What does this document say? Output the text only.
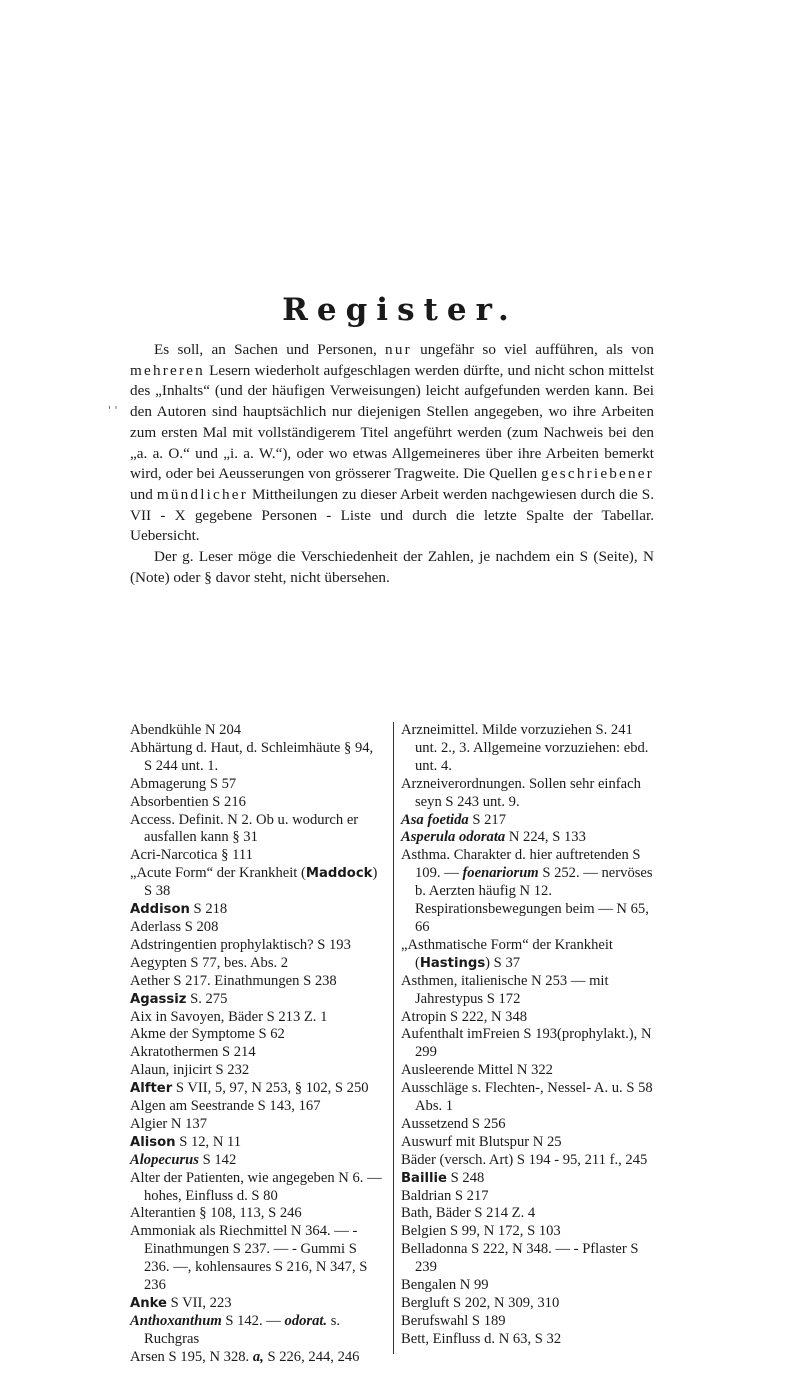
' '
Register.

Es soll, an Sachen und Personen, nur ungefähr so viel aufführen, als von mehreren Lesern wiederholt aufgeschlagen werden dürfte, und nicht schon mittelst des „Inhalts“ (und der häufigen Verweisungen) leicht aufgefunden werden kann. Bei den Autoren sind hauptsächlich nur diejenigen Stellen angegeben, wo ihre Arbeiten zum ersten Mal mit vollständigerem Titel angeführt werden (zum Nachweis bei den „a. a. O.“ und „i. a. W.“), oder wo etwas Allgemeineres über ihre Arbeiten bemerkt wird, oder bei Aeusserungen von grösserer Tragweite. Die Quellen geschriebener und mündlicher Mittheilungen zu dieser Arbeit werden nachgewiesen durch die S. VII - X gegebene Personen - Liste und durch die letzte Spalte der Tabellar. Uebersicht.

Der g. Leser möge die Verschiedenheit der Zahlen, je nachdem ein S (Seite), N (Note) oder § davor steht, nicht übersehen.

Abendkühle N 204

Abhärtung d. Haut, d. Schleimhäute § 94, S 244 unt. 1.

Abmagerung S 57

Absorbentien S 216

Access. Definit. N 2. Ob u. wodurch er ausfallen kann § 31

Acri-Narcotica § 111

„Acute Form“ der Krankheit (Maddock) S 38

Addison S 218

Aderlass S 208

Adstringentien prophylaktisch? S 193

Aegypten S 77, bes. Abs. 2

Aether S 217. Einathmungen S 238

Agassiz S. 275

Aix in Savoyen, Bäder S 213 Z. 1

Akme der Symptome S 62

Akratothermen S 214

Alaun, injicirt S 232

Alfter S VII, 5, 97, N 253, § 102, S 250

Algen am Seestrande S 143, 167

Algier N 137

Alison S 12, N 11

Alopecurus S 142

Alter der Patienten, wie angegeben N 6. — hohes, Einfluss d. S 80

Alterantien § 108, 113, S 246

Ammoniak als Riechmittel N 364. — - Einathmungen S 237. — - Gummi S 236. —, kohlensaures S 216, N 347, S 236

Anke S VII, 223

Anthoxanthum S 142. — odorat. s. Ruchgras

Arsen S 195, N 328. a, S 226, 244, 246

Arzneimittel. Milde vorzuziehen S. 241 unt. 2., 3. Allgemeine vorzuziehen: ebd. unt. 4.

Arzneiverordnungen. Sollen sehr einfach seyn S 243 unt. 9.

Asa foetida S 217

Asperula odorata N 224, S 133

Asthma. Charakter d. hier auftretenden S 109. — foenariorum S 252. — nervöses b. Aerzten häufig N 12. Respirationsbewegungen beim — N 65, 66

„Asthmatische Form“ der Krankheit (Hastings) S 37

Asthmen, italienische N 253 — mit Jahrestypus S 172

Atropin S 222, N 348

Aufenthalt imFreien S 193(prophylakt.), N 299

Ausleerende Mittel N 322

Ausschläge s. Flechten-, Nessel- A. u. S 58 Abs. 1

Aussetzend S 256

Auswurf mit Blutspur N 25

Bäder (versch. Art) S 194 - 95, 211 f., 245

Baillie S 248

Baldrian S 217

Bath, Bäder S 214 Z. 4

Belgien S 99, N 172, S 103

Belladonna S 222, N 348. — - Pflaster S 239

Bengalen N 99

Bergluft S 202, N 309, 310

Berufswahl S 189

Bett, Einfluss d. N 63, S 32
